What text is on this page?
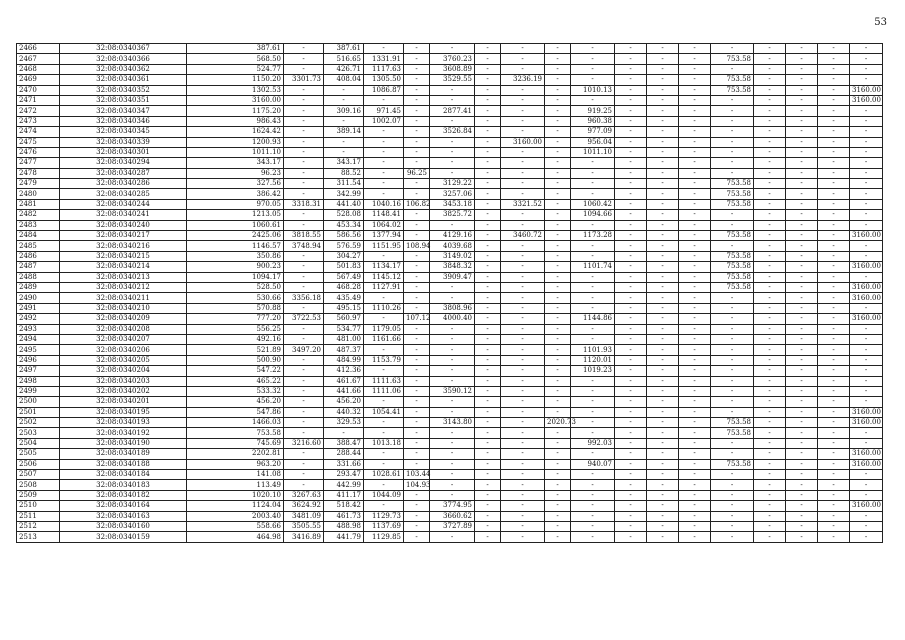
53
2466	32:08:0340367	387.61	-	387.61	-	-	-	-	-	-	-	-	-	-	-	-	-	-	-
2467	32:08:0340366	568.50	-	516.65	1331.91	-	3760.23	-	-	-	-	-	-	-	753.58	-	-	-	-
2468	32:08:0340362	524.77	-	426.71	1117.63	-	3608.89	-	-	-	-	-	-	-	-	-	-	-	-
2469	32:08:0340361	1150.20	3301.73	408.04	1305.50	-	3529.55	-	3236.19	-	-	-	-	-	753.58	-	-	-	-
2470	32:08:0340352	1302.53	-	-	1086.87	-	-	-	-	-	1010.13	-	-	-	753.58	-	-	-	3160.00
2471	32:08:0340351	3160.00	-	-	-	-	-	-	-	-	-	-	-	-	-	-	-	-	3160.00
2472	32:08:0340347	1175.20	-	309.16	971.45	-	2877.41	-	-	-	919.25	-	-	-	-	-	-	-	-
2473	32:08:0340346	986.43	-	-	1002.07	-	-	-	-	-	960.38	-	-	-	-	-	-	-	-
2474	32:08:0340345	1624.42	-	389.14	-	-	3526.84	-	-	-	977.09	-	-	-	-	-	-	-	-
2475	32:08:0340339	1200.93	-	-	-	-	-	-	3160.00	-	956.04	-	-	-	-	-	-	-	-
2476	32:08:0340301	1011.10	-	-	-	-	-	-	-	-	1011.10	-	-	-	-	-	-	-	-
2477	32:08:0340294	343.17	-	343.17	-	-	-	-	-	-	-	-	-	-	-	-	-	-	-
2478	32:08:0340287	96.23	-	88.52	-	96.25	-	-	-	-	-	-	-	-	-	-	-	-	-
2479	32:08:0340286	327.56	-	311.54	-	-	3129.22	-	-	-	-	-	-	-	753.58	-	-	-	-
2480	32:08:0340285	386.42	-	342.99	-	-	3257.06	-	-	-	-	-	-	-	753.58	-	-	-	-
2481	32:08:0340244	970.05	3318.31	441.40	1040.16	106.82	3453.18	-	3321.52	-	1060.42	-	-	-	753.58	-	-	-	-
2482	32:08:0340241	1213.05	-	528.08	1148.41	-	3825.72	-	-	-	1094.66	-	-	-	-	-	-	-	-
2483	32:08:0340240	1060.61	-	453.34	1064.02	-	-	-	-	-	-	-	-	-	-	-	-	-	-
2484	32:08:0340217	2425.06	3818.55	586.56	1377.94	-	4129.16	-	3460.72	-	1173.28	-	-	-	753.58	-	-	-	3160.00
2485	32:08:0340216	1146.57	3748.94	576.59	1151.95	108.94	4039.68	-	-	-	-	-	-	-	-	-	-	-	-
2486	32:08:0340215	350.86	-	304.27	-	-	3149.02	-	-	-	-	-	-	-	753.58	-	-	-	-
2487	32:08:0340214	900.23	-	501.83	1134.17	-	3848.32	-	-	-	1101.74	-	-	-	753.58	-	-	-	3160.00
2488	32:08:0340213	1094.17	-	567.49	1145.12	-	3909.47	-	-	-	-	-	-	-	753.58	-	-	-	-
2489	32:08:0340212	528.50	-	468.28	1127.91	-	-	-	-	-	-	-	-	-	753.58	-	-	-	3160.00
2490	32:08:0340211	530.66	3356.18	435.49	-	-	-	-	-	-	-	-	-	-	-	-	-	-	3160.00
2491	32:08:0340210	570.88	-	495.15	1110.26	-	3808.96	-	-	-	-	-	-	-	-	-	-	-	-
2492	32:08:0340209	777.20	3722.53	560.97	-	107.12	4000.40	-	-	-	1144.86	-	-	-	-	-	-	-	3160.00
2493	32:08:0340208	556.25	-	534.77	1179.05	-	-	-	-	-	-	-	-	-	-	-	-	-	-
2494	32:08:0340207	492.16	-	481.00	1161.66	-	-	-	-	-	-	-	-	-	-	-	-	-	-
2495	32:08:0340206	521.89	3497.20	487.37	-	-	-	-	-	-	1101.93	-	-	-	-	-	-	-	-
2496	32:08:0340205	500.90	-	484.99	1153.79	-	-	-	-	-	1120.01	-	-	-	-	-	-	-	-
2497	32:08:0340204	547.22	-	412.36	-	-	-	-	-	-	1019.23	-	-	-	-	-	-	-	-
2498	32:08:0340203	465.22	-	461.67	1111.63	-	-	-	-	-	-	-	-	-	-	-	-	-	-
2499	32:08:0340202	533.32	-	441.66	1111.06	-	3590.12	-	-	-	-	-	-	-	-	-	-	-	-
2500	32:08:0340201	456.20	-	456.20	-	-	-	-	-	-	-	-	-	-	-	-	-	-	-
2501	32:08:0340195	547.86	-	440.32	1054.41	-	-	-	-	-	-	-	-	-	-	-	-	-	3160.00
2502	32:08:0340193	1466.03	-	329.53	-	-	3143.80	-	-	2020.73	-	-	-	-	753.58	-	-	-	3160.00
2503	32:08:0340192	753.58	-	-	-	-	-	-	-	-	-	-	-	-	753.58	-	-	-	-
2504	32:08:0340190	745.69	3216.60	388.47	1013.18	-	-	-	-	-	992.03	-	-	-	-	-	-	-	-
2505	32:08:0340189	2202.81	-	288.44	-	-	-	-	-	-	-	-	-	-	-	-	-	-	3160.00
2506	32:08:0340188	963.20	-	331.66	-	-	-	-	-	-	940.07	-	-	-	753.58	-	-	-	3160.00
2507	32:08:0340184	141.08	-	293.47	1028.61	103.44	-	-	-	-	-	-	-	-	-	-	-	-	-
2508	32:08:0340183	113.49	-	442.99	-	104.93	-	-	-	-	-	-	-	-	-	-	-	-	-
2509	32:08:0340182	1020.10	3267.63	411.17	1044.09	-	-	-	-	-	-	-	-	-	-	-	-	-	-
2510	32:08:0340164	1124.04	3624.92	518.42	-	-	3774.95	-	-	-	-	-	-	-	-	-	-	-	3160.00
2511	32:08:0340163	2003.40	3481.09	461.73	1129.73	-	3660.62	-	-	-	-	-	-	-	-	-	-	-	-
2512	32:08:0340160	558.66	3505.55	488.98	1137.69	-	3727.89	-	-	-	-	-	-	-	-	-	-	-	-
2513	32:08:0340159	464.98	3416.89	441.79	1129.85	-	-	-	-	-	-	-	-	-	-	-	-	-	-
